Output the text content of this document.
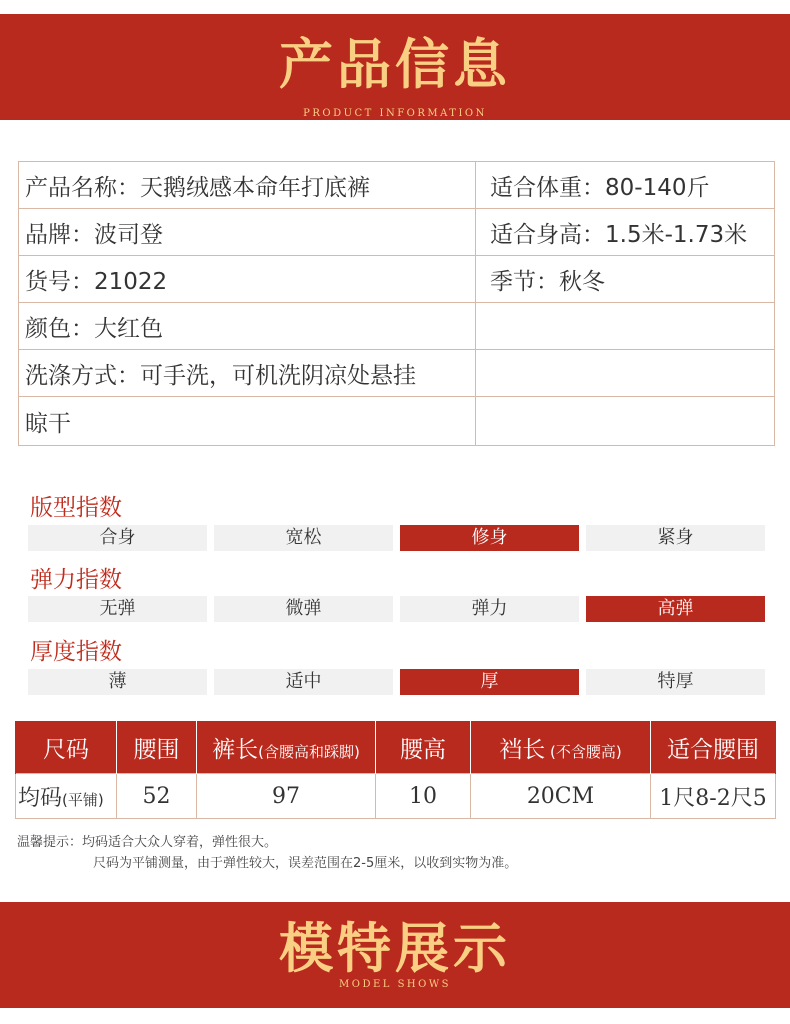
产品信息
PRODUCT INFORMATION
产品名称：天鹅绒感本命年打底裤	适合体重：80-140斤
品牌：波司登	适合身高：1.5米-1.73米
货号：21022	季节：秋冬
颜色：大红色	
洗涤方式：可手洗，可机洗阴凉处悬挂	
晾干	
版型指数
合身	宽松	修身	紧身
弹力指数
无弹	微弹	弹力	高弹
厚度指数
薄	适中	厚	特厚
尺码	腰围	裤长(含腰高和踩脚)	腰高	裆长 (不含腰高)	适合腰围
均码(平铺)	52	97	10	20CM	1尺8-2尺5
温馨提示：均码适合大众人穿着，弹性很大。
尺码为平铺测量，由于弹性较大，误差范围在2-5厘米，以收到实物为准。
模特展示
MODEL SHOWS
